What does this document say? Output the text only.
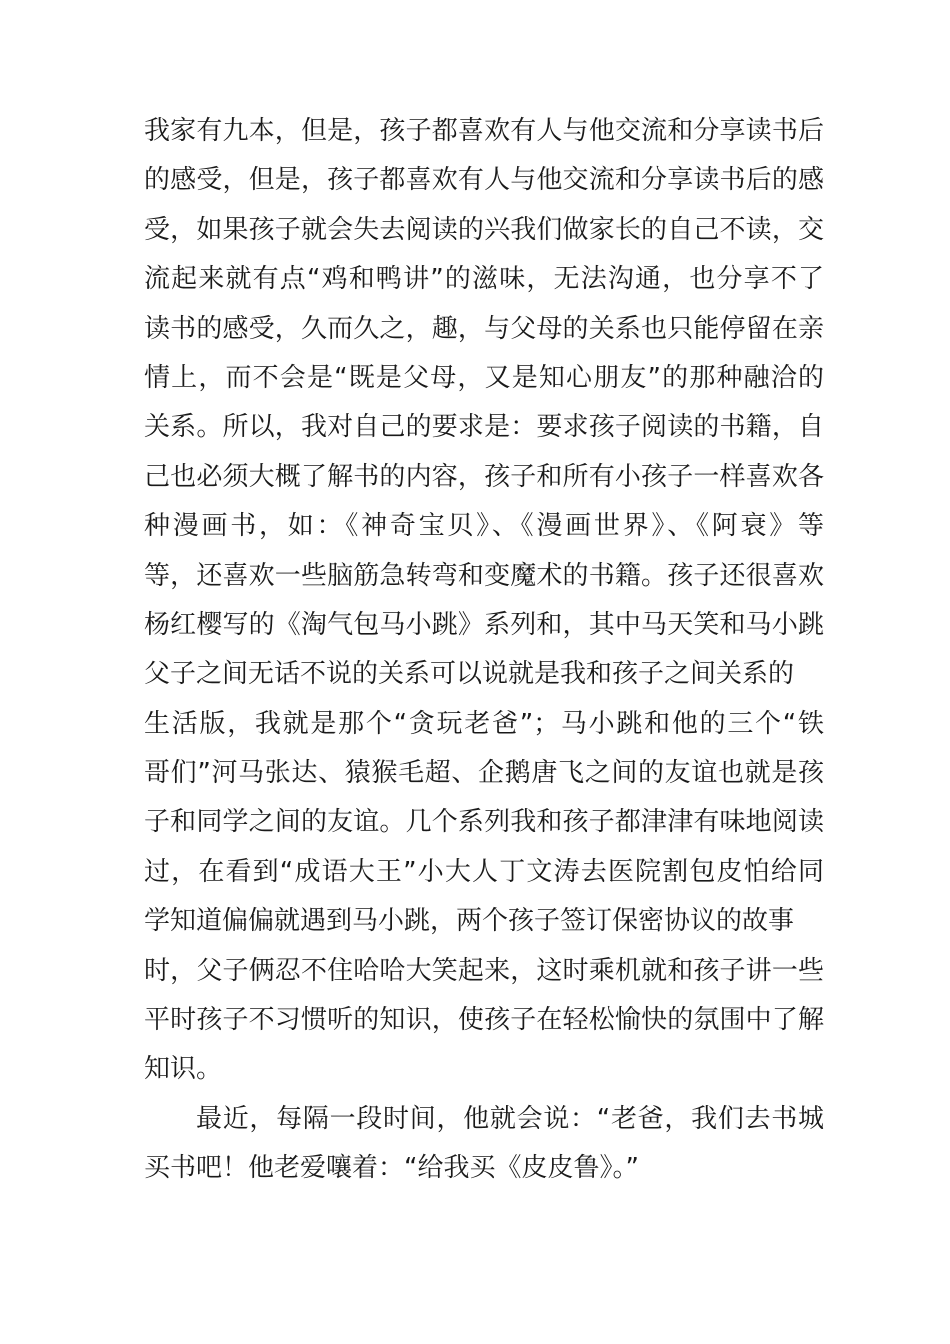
我家有九本，但是，孩子都喜欢有人与他交流和分享读书后
的感受，但是，孩子都喜欢有人与他交流和分享读书后的感
受，如果孩子就会失去阅读的兴我们做家长的自己不读，交
流起来就有点“鸡和鸭讲”的滋味，无法沟通，也分享不了
读书的感受，久而久之，趣，与父母的关系也只能停留在亲
情上，而不会是“既是父母，又是知心朋友”的那种融洽的
关系。所以，我对自己的要求是：要求孩子阅读的书籍，自
己也必须大概了解书的内容，孩子和所有小孩子一样喜欢各
种漫画书，如：《神奇宝贝》、《漫画世界》、《阿衰》等
等，还喜欢一些脑筋急转弯和变魔术的书籍。孩子还很喜欢
杨红樱写的《淘气包马小跳》系列和，其中马天笑和马小跳
父子之间无话不说的关系可以说就是我和孩子之间关系的
生活版，我就是那个“贪玩老爸”；马小跳和他的三个“铁
哥们”河马张达、猿猴毛超、企鹅唐飞之间的友谊也就是孩
子和同学之间的友谊。几个系列我和孩子都津津有味地阅读
过，在看到“成语大王”小大人丁文涛去医院割包皮怕给同
学知道偏偏就遇到马小跳，两个孩子签订保密协议的故事
时，父子俩忍不住哈哈大笑起来，这时乘机就和孩子讲一些
平时孩子不习惯听的知识，使孩子在轻松愉快的氛围中了解
知识。
最近，每隔一段时间，他就会说：“老爸，我们去书城
买书吧！他老爱嚷着：“给我买《皮皮鲁》。”
